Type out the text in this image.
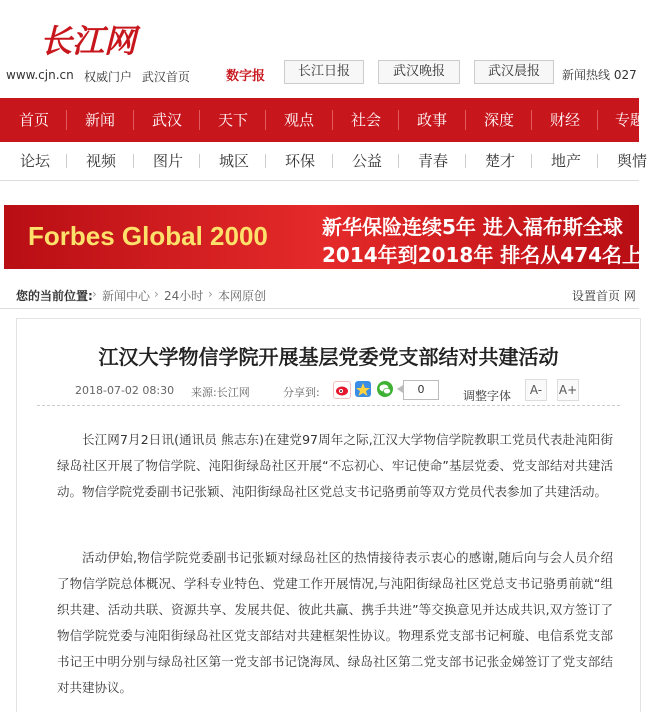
长江网
www.cjn.cn 权威门户 武汉首页	数字报	长江日报	武汉晚报	武汉晨报	新闻热线 027
首页	新闻	武汉	天下	观点	社会	政事	深度	财经	专题
论坛	视频	图片	城区	环保	公益	青春	楚才	地产	舆情
Forbes Global 2000	新华保险连续5年 进入福布斯全球
2014年到2018年 排名从474名上
您的当前位置: › 新闻中心 › 24小时 › 本网原创	设置首页 网
江汉大学物信学院开展基层党委党支部结对共建活动
2018-07-02 08:30 来源:长江网	分享到:	0	调整字体	A-	A+
长江网7月2日讯(通讯员 熊志东)在建党97周年之际,江汉大学物信学院教职工党员代表赴沌阳街绿岛社区开展了物信学院、沌阳街绿岛社区开展“不忘初心、牢记使命”基层党委、党支部结对共建活动。物信学院党委副书记张颖、沌阳街绿岛社区党总支书记骆勇前等双方党员代表参加了共建活动。
活动伊始,物信学院党委副书记张颖对绿岛社区的热情接待表示衷心的感谢,随后向与会人员介绍了物信学院总体概况、学科专业特色、党建工作开展情况,与沌阳街绿岛社区党总支书记骆勇前就“组织共建、活动共联、资源共享、发展共促、彼此共赢、携手共进”等交换意见并达成共识,双方签订了物信学院党委与沌阳街绿岛社区党支部结对共建框架性协议。物理系党支部书记柯璇、电信系党支部书记王中明分别与绿岛社区第一党支部书记饶海凤、绿岛社区第二党支部书记张金娣签订了党支部结对共建协议。
